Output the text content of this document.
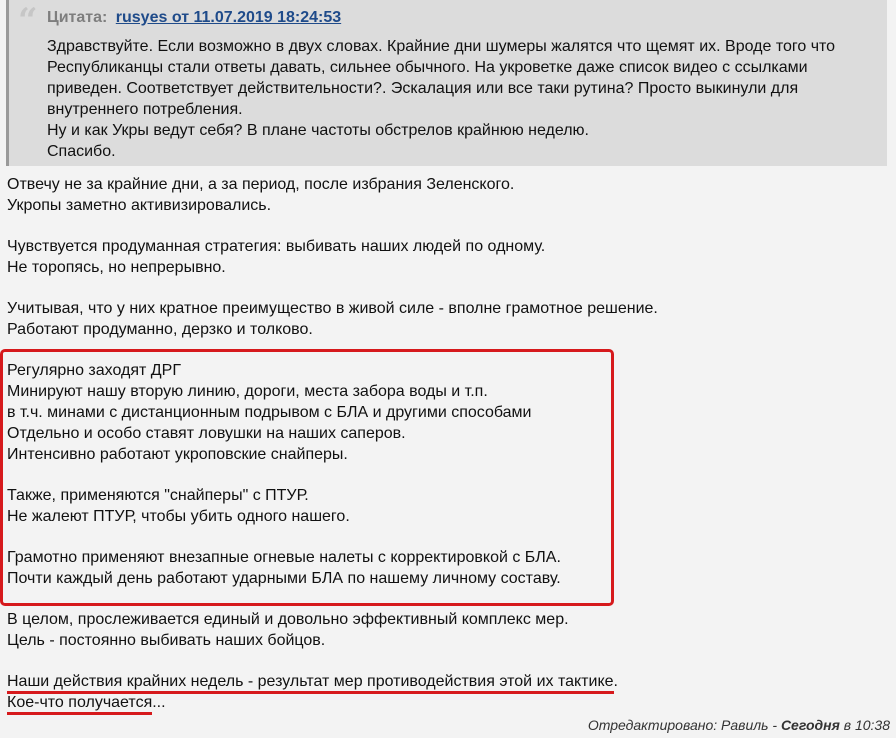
“ Цитата: rusyes от 11.07.2019 18:24:53
Здравствуйте. Если возможно в двух словах. Крайние дни шумеры жалятся что щемят их. Вроде того что
Республиканцы стали ответы давать, сильнее обычного. На укроветке даже список видео с ссылками
приведен. Соответствует действительности?. Эскалация или все таки рутина? Просто выкинули для
внутреннего потребления.
Ну и как Укры ведут себя? В плане частоты обстрелов крайнюю неделю.
Спасибо.
Отвечу не за крайние дни, а за период, после избрания Зеленского.
Укропы заметно активизировались.
Чувствуется продуманная стратегия: выбивать наших людей по одному.
Не торопясь, но непрерывно.
Учитывая, что у них кратное преимущество в живой силе - вполне грамотное решение.
Работают продуманно, дерзко и толково.
Регулярно заходят ДРГ
Минируют нашу вторую линию, дороги, места забора воды и т.п.
в т.ч. минами с дистанционным подрывом с БЛА и другими способами
Отдельно и особо ставят ловушки на наших саперов.
Интенсивно работают укроповские снайперы.
Также, применяются "снайперы" с ПТУР.
Не жалеют ПТУР, чтобы убить одного нашего.
Грамотно применяют внезапные огневые налеты с корректировкой с БЛА.
Почти каждый день работают ударными БЛА по нашему личному составу.
В целом, прослеживается единый и довольно эффективный комплекс мер.
Цель - постоянно выбивать наших бойцов.
Наши действия крайних недель - результат мер противодействия этой их тактике.
Кое-что получается...
Отредактировано: Равиль - Сегодня в 10:38
